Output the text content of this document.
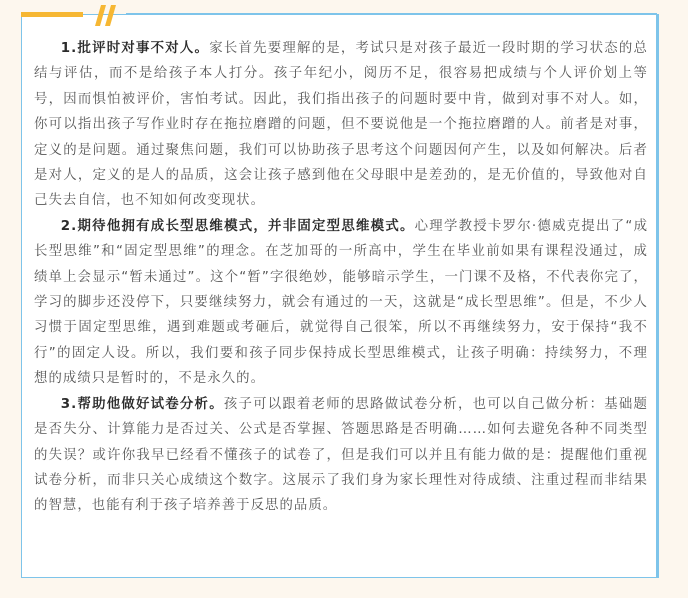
1.批评时对事不对人。家长首先要理解的是，考试只是对孩子最近一段时期的学习状态的总结与评估，而不是给孩子本人打分。孩子年纪小，阅历不足，很容易把成绩与个人评价划上等号，因而惧怕被评价，害怕考试。因此，我们指出孩子的问题时要中肯，做到对事不对人。如，你可以指出孩子写作业时存在拖拉磨蹭的问题，但不要说他是一个拖拉磨蹭的人。前者是对事，定义的是问题。通过聚焦问题，我们可以协助孩子思考这个问题因何产生，以及如何解决。后者是对人，定义的是人的品质，这会让孩子感到他在父母眼中是差劲的，是无价值的，导致他对自己失去自信，也不知如何改变现状。

2.期待他拥有成长型思维模式，并非固定型思维模式。心理学教授卡罗尔·德威克提出了“成长型思维”和“固定型思维”的理念。在芝加哥的一所高中，学生在毕业前如果有课程没通过，成绩单上会显示“暂未通过”。这个“暂”字很绝妙，能够暗示学生，一门课不及格，不代表你完了，学习的脚步还没停下，只要继续努力，就会有通过的一天，这就是“成长型思维”。但是，不少人习惯于固定型思维，遇到难题或考砸后，就觉得自己很笨，所以不再继续努力，安于保持“我不行”的固定人设。所以，我们要和孩子同步保持成长型思维模式，让孩子明确：持续努力，不理想的成绩只是暂时的，不是永久的。

3.帮助他做好试卷分析。孩子可以跟着老师的思路做试卷分析，也可以自己做分析：基础题是否失分、计算能力是否过关、公式是否掌握、答题思路是否明确……如何去避免各种不同类型的失误？或许你我早已经看不懂孩子的试卷了，但是我们可以并且有能力做的是：提醒他们重视试卷分析，而非只关心成绩这个数字。这展示了我们身为家长理性对待成绩、注重过程而非结果的智慧，也能有利于孩子培养善于反思的品质。
